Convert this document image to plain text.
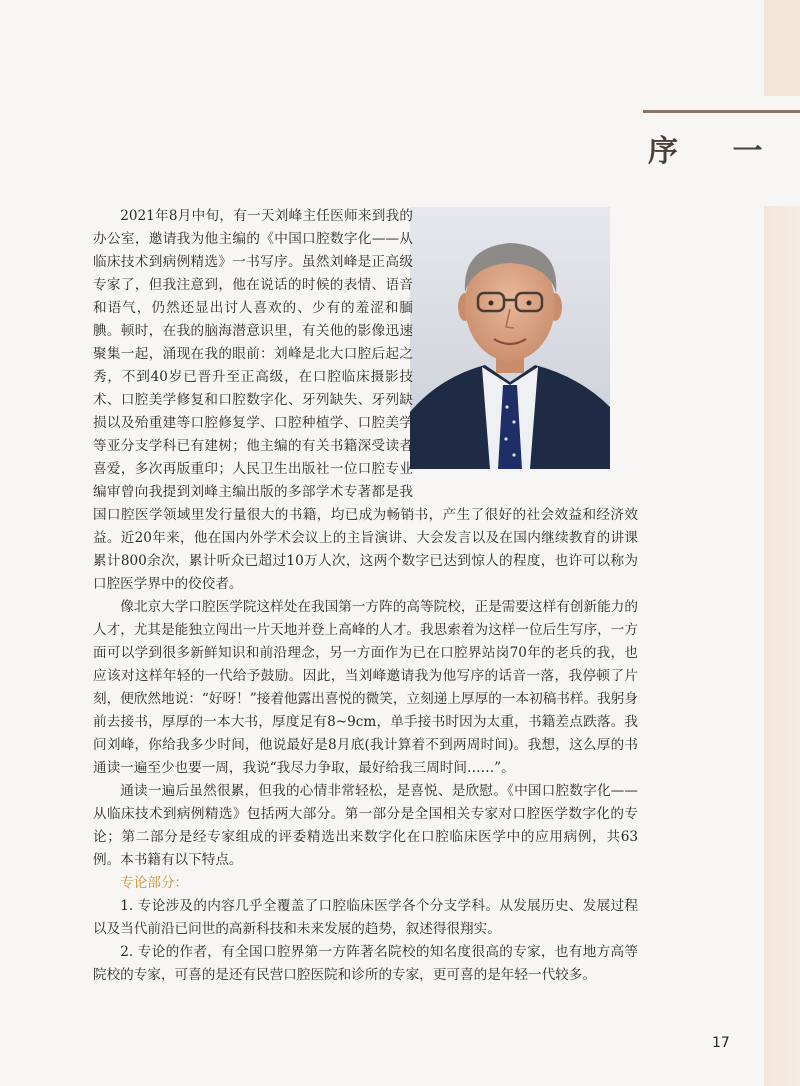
序 一

2021年8月中旬，有一天刘峰主任医师来到我的办公室，邀请我为他主编的《中国口腔数字化——从临床技术到病例精选》一书写序。虽然刘峰是正高级专家了，但我注意到，他在说话的时候的表情、语音和语气，仍然还显出讨人喜欢的、少有的羞涩和腼腆。顿时，在我的脑海潜意识里，有关他的影像迅速聚集一起，涌现在我的眼前：刘峰是北大口腔后起之秀，不到40岁已晋升至正高级，在口腔临床摄影技术、口腔美学修复和口腔数字化、牙列缺失、牙列缺损以及殆重建等口腔修复学、口腔种植学、口腔美学等亚分支学科已有建树；他主编的有关书籍深受读者喜爱，多次再版重印；人民卫生出版社一位口腔专业编审曾向我提到刘峰主编出版的多部学术专著都是我国口腔医学领域里发行量很大的书籍，均已成为畅销书，产生了很好的社会效益和经济效益。近20年来，他在国内外学术会议上的主旨演讲、大会发言以及在国内继续教育的讲课累计800余次，累计听众已超过10万人次，这两个数字已达到惊人的程度，也许可以称为口腔医学界中的佼佼者。

像北京大学口腔医学院这样处在我国第一方阵的高等院校，正是需要这样有创新能力的人才，尤其是能独立闯出一片天地并登上高峰的人才。我思索着为这样一位后生写序，一方面可以学到很多新鲜知识和前沿理念，另一方面作为已在口腔界站岗70年的老兵的我，也应该对这样年轻的一代给予鼓励。因此，当刘峰邀请我为他写序的话音一落，我停顿了片刻，便欣然地说：“好呀！”接着他露出喜悦的微笑，立刻递上厚厚的一本初稿书样。我躬身前去接书，厚厚的一本大书，厚度足有8~9cm，单手接书时因为太重，书籍差点跌落。我问刘峰，你给我多少时间，他说最好是8月底(我计算着不到两周时间)。我想，这么厚的书通读一遍至少也要一周，我说“我尽力争取，最好给我三周时间……”。

通读一遍后虽然很累，但我的心情非常轻松，是喜悦、是欣慰。《中国口腔数字化——从临床技术到病例精选》包括两大部分。第一部分是全国相关专家对口腔医学数字化的专论；第二部分是经专家组成的评委精选出来数字化在口腔临床医学中的应用病例，共63例。本书籍有以下特点。

专论部分：

1. 专论涉及的内容几乎全覆盖了口腔临床医学各个分支学科。从发展历史、发展过程以及当代前沿已问世的高新科技和未来发展的趋势，叙述得很翔实。

2. 专论的作者，有全国口腔界第一方阵著名院校的知名度很高的专家，也有地方高等院校的专家，可喜的是还有民营口腔医院和诊所的专家，更可喜的是年轻一代较多。

17
